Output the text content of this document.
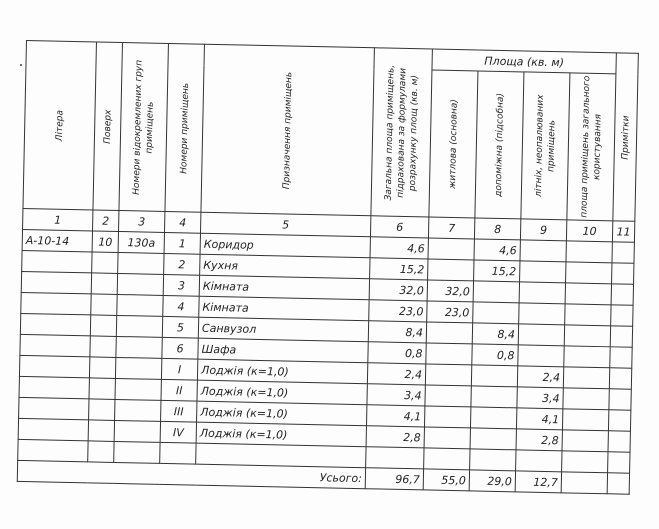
Літера	Поверх	Номери відокремлених груп приміщень	Номери приміщень	Призначення приміщень	Загальна площа приміщень, підрахована за формулами розрахунку площ (кв. м)	Площа (кв. м)				Примітки

						житлова (основна)	допоміжна (підсобна)	літніх, неопалюваних приміщень	площа приміщень загального користування	

1	2	3	4	5	6	7	8	9	10	11
А-10-14	10	130а	1	Коридор	4,6		4,6			
			2	Кухня	15,2		15,2			
			3	Кімната	32,0	32,0				
			4	Кімната	23,0	23,0				
			5	Санвузол	8,4		8,4			
			6	Шафа	0,8		0,8			
			I	Лоджія (к=1,0)	2,4			2,4		
			II	Лоджія (к=1,0)	3,4			3,4		
			III	Лоджія (к=1,0)	4,1			4,1		
			IV	Лоджія (к=1,0)	2,8			2,8		

Усього:					96,7	55,0	29,0	12,7		
